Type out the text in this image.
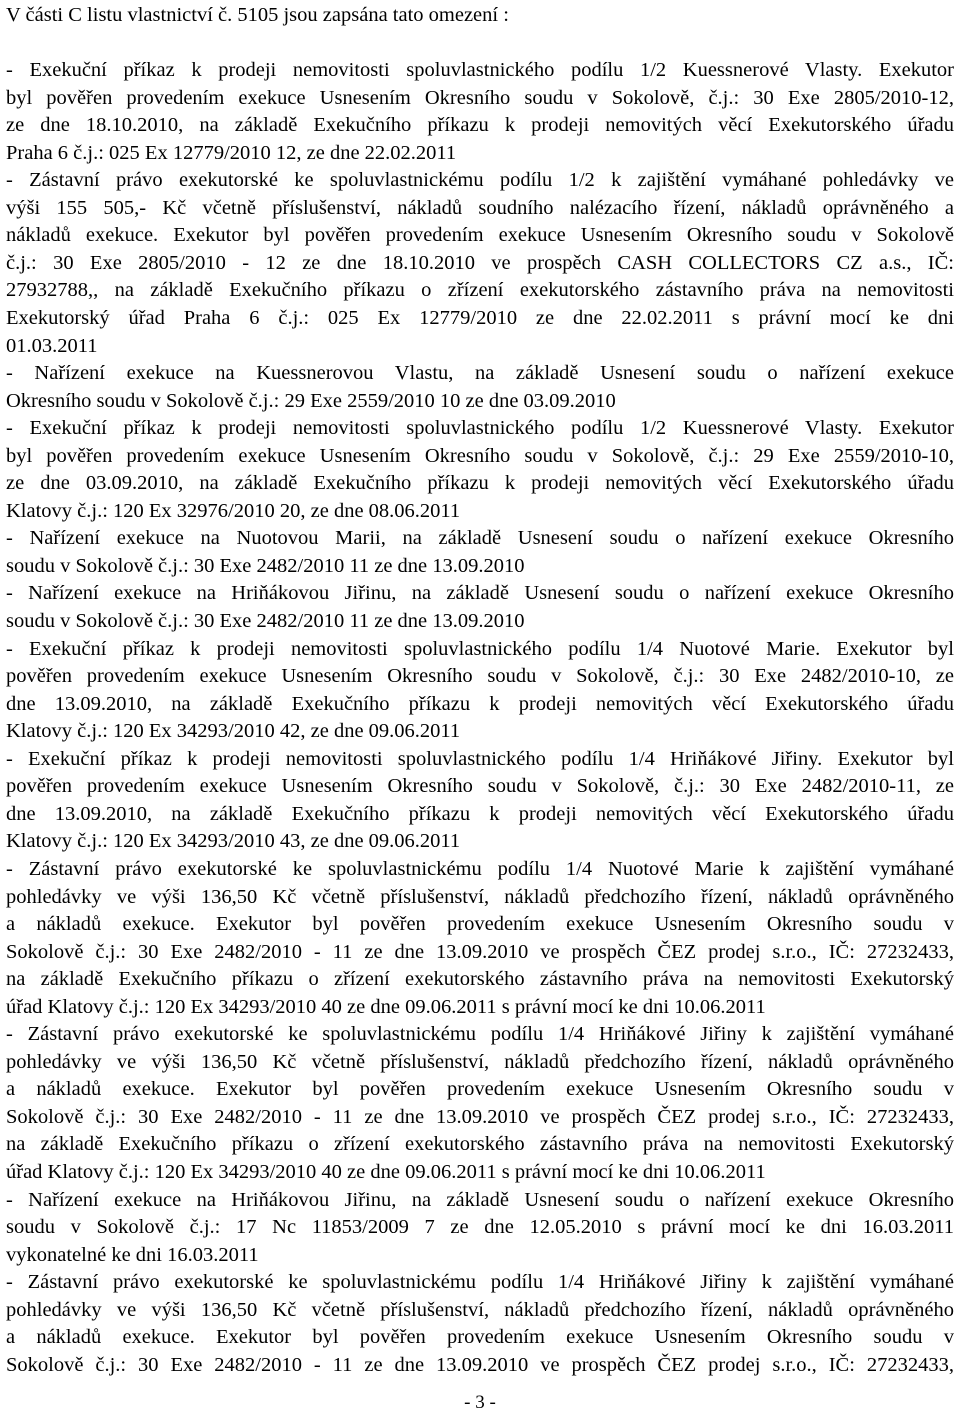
V části C listu vlastnictví č. 5105 jsou zapsána tato omezení :
- Exekuční příkaz k prodeji nemovitosti spoluvlastnického podílu 1/2 Kuessnerové Vlasty. Exekutor
byl pověřen provedením exekuce Usnesením Okresního soudu v Sokolově, č.j.: 30 Exe 2805/2010-12,
ze dne 18.10.2010, na základě Exekučního příkazu k prodeji nemovitých věcí Exekutorského úřadu
Praha 6 č.j.: 025 Ex 12779/2010 12, ze dne 22.02.2011
- Zástavní právo exekutorské ke spoluvlastnickému podílu 1/2 k zajištění vymáhané pohledávky ve
výši 155 505,- Kč včetně příslušenství, nákladů soudního nalézacího řízení, nákladů oprávněného a
nákladů exekuce. Exekutor byl pověřen provedením exekuce Usnesením Okresního soudu v Sokolově
č.j.: 30 Exe 2805/2010 - 12 ze dne 18.10.2010 ve prospěch CASH COLLECTORS CZ a.s., IČ:
27932788,, na základě Exekučního příkazu o zřízení exekutorského zástavního práva na nemovitosti
Exekutorský úřad Praha 6 č.j.: 025 Ex 12779/2010 ze dne 22.02.2011 s právní mocí ke dni
01.03.2011
- Nařízení exekuce na Kuessnerovou Vlastu, na základě Usnesení soudu o nařízení exekuce
Okresního soudu v Sokolově č.j.: 29 Exe 2559/2010 10 ze dne 03.09.2010
- Exekuční příkaz k prodeji nemovitosti spoluvlastnického podílu 1/2 Kuessnerové Vlasty. Exekutor
byl pověřen provedením exekuce Usnesením Okresního soudu v Sokolově, č.j.: 29 Exe 2559/2010-10,
ze dne 03.09.2010, na základě Exekučního příkazu k prodeji nemovitých věcí Exekutorského úřadu
Klatovy č.j.: 120 Ex 32976/2010 20, ze dne 08.06.2011
- Nařízení exekuce na Nuotovou Marii, na základě Usnesení soudu o nařízení exekuce Okresního
soudu v Sokolově č.j.: 30 Exe 2482/2010 11 ze dne 13.09.2010
- Nařízení exekuce na Hriňákovou Jiřinu, na základě Usnesení soudu o nařízení exekuce Okresního
soudu v Sokolově č.j.: 30 Exe 2482/2010 11 ze dne 13.09.2010
- Exekuční příkaz k prodeji nemovitosti spoluvlastnického podílu 1/4 Nuotové Marie. Exekutor byl
pověřen provedením exekuce Usnesením Okresního soudu v Sokolově, č.j.: 30 Exe 2482/2010-10, ze
dne 13.09.2010, na základě Exekučního příkazu k prodeji nemovitých věcí Exekutorského úřadu
Klatovy č.j.: 120 Ex 34293/2010 42, ze dne 09.06.2011
- Exekuční příkaz k prodeji nemovitosti spoluvlastnického podílu 1/4 Hriňákové Jiřiny. Exekutor byl
pověřen provedením exekuce Usnesením Okresního soudu v Sokolově, č.j.: 30 Exe 2482/2010-11, ze
dne 13.09.2010, na základě Exekučního příkazu k prodeji nemovitých věcí Exekutorského úřadu
Klatovy č.j.: 120 Ex 34293/2010 43, ze dne 09.06.2011
- Zástavní právo exekutorské ke spoluvlastnickému podílu 1/4 Nuotové Marie k zajištění vymáhané
pohledávky ve výši 136,50 Kč včetně příslušenství, nákladů předchozího řízení, nákladů oprávněného
a nákladů exekuce. Exekutor byl pověřen provedením exekuce Usnesením Okresního soudu v
Sokolově č.j.: 30 Exe 2482/2010 - 11 ze dne 13.09.2010 ve prospěch ČEZ prodej s.r.o., IČ: 27232433,
na základě Exekučního příkazu o zřízení exekutorského zástavního práva na nemovitosti Exekutorský
úřad Klatovy č.j.: 120 Ex 34293/2010 40 ze dne 09.06.2011 s právní mocí ke dni 10.06.2011
- Zástavní právo exekutorské ke spoluvlastnickému podílu 1/4 Hriňákové Jiřiny k zajištění vymáhané
pohledávky ve výši 136,50 Kč včetně příslušenství, nákladů předchozího řízení, nákladů oprávněného
a nákladů exekuce. Exekutor byl pověřen provedením exekuce Usnesením Okresního soudu v
Sokolově č.j.: 30 Exe 2482/2010 - 11 ze dne 13.09.2010 ve prospěch ČEZ prodej s.r.o., IČ: 27232433,
na základě Exekučního příkazu o zřízení exekutorského zástavního práva na nemovitosti Exekutorský
úřad Klatovy č.j.: 120 Ex 34293/2010 40 ze dne 09.06.2011 s právní mocí ke dni 10.06.2011
- Nařízení exekuce na Hriňákovou Jiřinu, na základě Usnesení soudu o nařízení exekuce Okresního
soudu v Sokolově č.j.: 17 Nc 11853/2009 7 ze dne 12.05.2010 s právní mocí ke dni 16.03.2011
vykonatelné ke dni 16.03.2011
- Zástavní právo exekutorské ke spoluvlastnickému podílu 1/4 Hriňákové Jiřiny k zajištění vymáhané
pohledávky ve výši 136,50 Kč včetně příslušenství, nákladů předchozího řízení, nákladů oprávněného
a nákladů exekuce. Exekutor byl pověřen provedením exekuce Usnesením Okresního soudu v
Sokolově č.j.: 30 Exe 2482/2010 - 11 ze dne 13.09.2010 ve prospěch ČEZ prodej s.r.o., IČ: 27232433,
- 3 -
